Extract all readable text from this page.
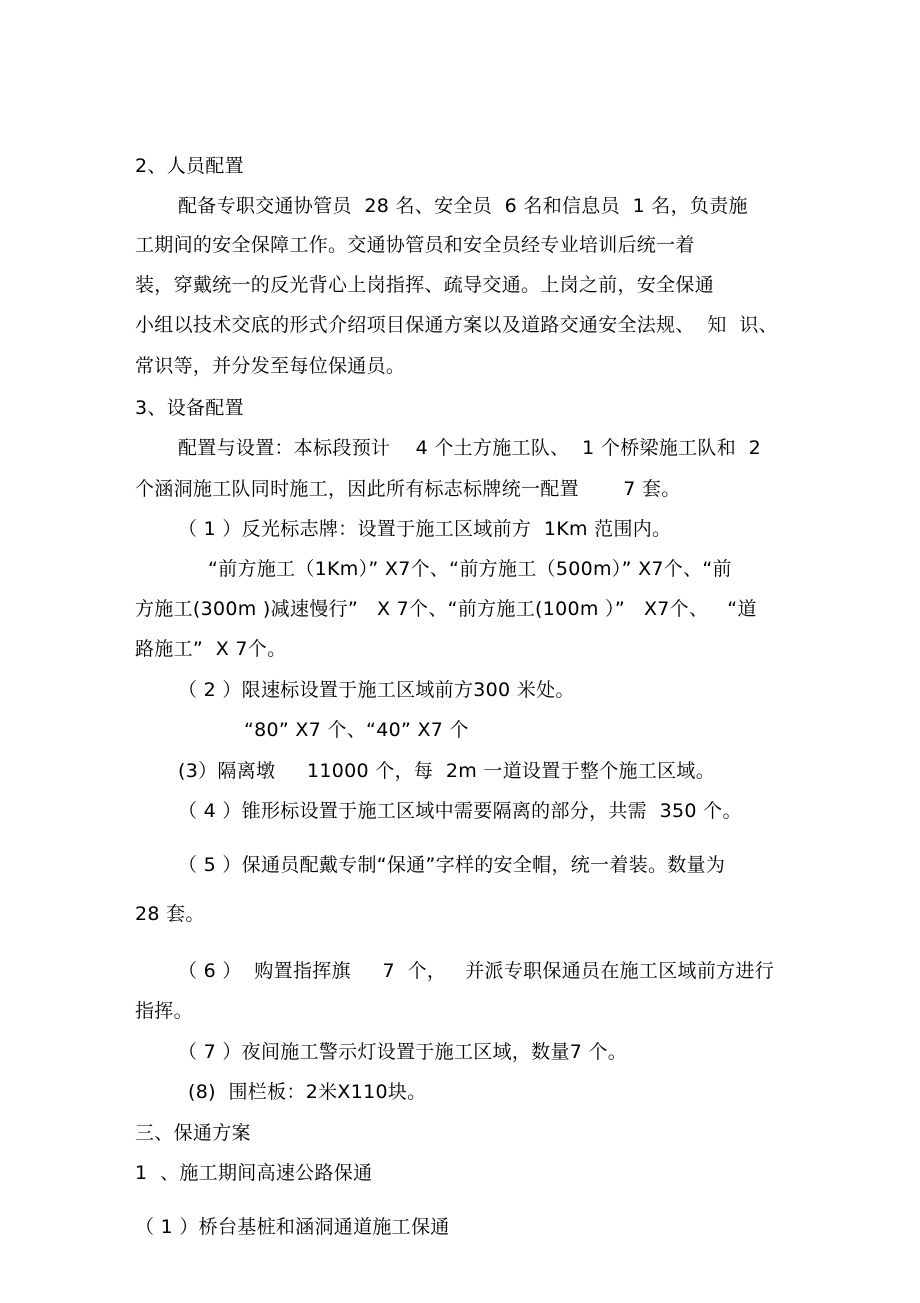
2、人员配置
配备专职交通协管员  28 名、安全员  6 名和信息员  1 名，负责施
工期间的安全保障工作。交通协管员和安全员经专业培训后统一着
装，穿戴统一的反光背心上岗指挥、疏导交通。上岗之前，安全保通
小组以技术交底的形式介绍项目保通方案以及道路交通安全法规、  知  识、
常识等，并分发至每位保通员。
3、设备配置
配置与设置：本标段预计    4 个土方施工队、  1 个桥梁施工队和  2
个涵洞施工队同时施工，因此所有标志标牌统一配置       7 套。
（ 1 ）反光标志牌：设置于施工区域前方  1Km 范围内。
“前方施工（1Km）” X7个、“前方施工（500m）” X7个、“前
方施工(300m )减速慢行”   X 7个、“前方施工(100m ）”   X7个、   “道
路施工”  X 7个。
（ 2 ）限速标设置于施工区域前方300 米处。
“80” X7 个、“40” X7 个
(3）隔离墩     11000 个，每  2m 一道设置于整个施工区域。
（ 4 ）锥形标设置于施工区域中需要隔离的部分，共需  350 个。
（ 5 ）保通员配戴专制“保通”字样的安全帽，统一着装。数量为
28 套。
（ 6 ）  购置指挥旗     7  个，   并派专职保通员在施工区域前方进行
指挥。
（ 7 ）夜间施工警示灯设置于施工区域，数量7 个。
(8)  围栏板：2米X110块。
三、保通方案
1  、施工期间高速公路保通
（ 1 ）桥台基桩和涵洞通道施工保通
